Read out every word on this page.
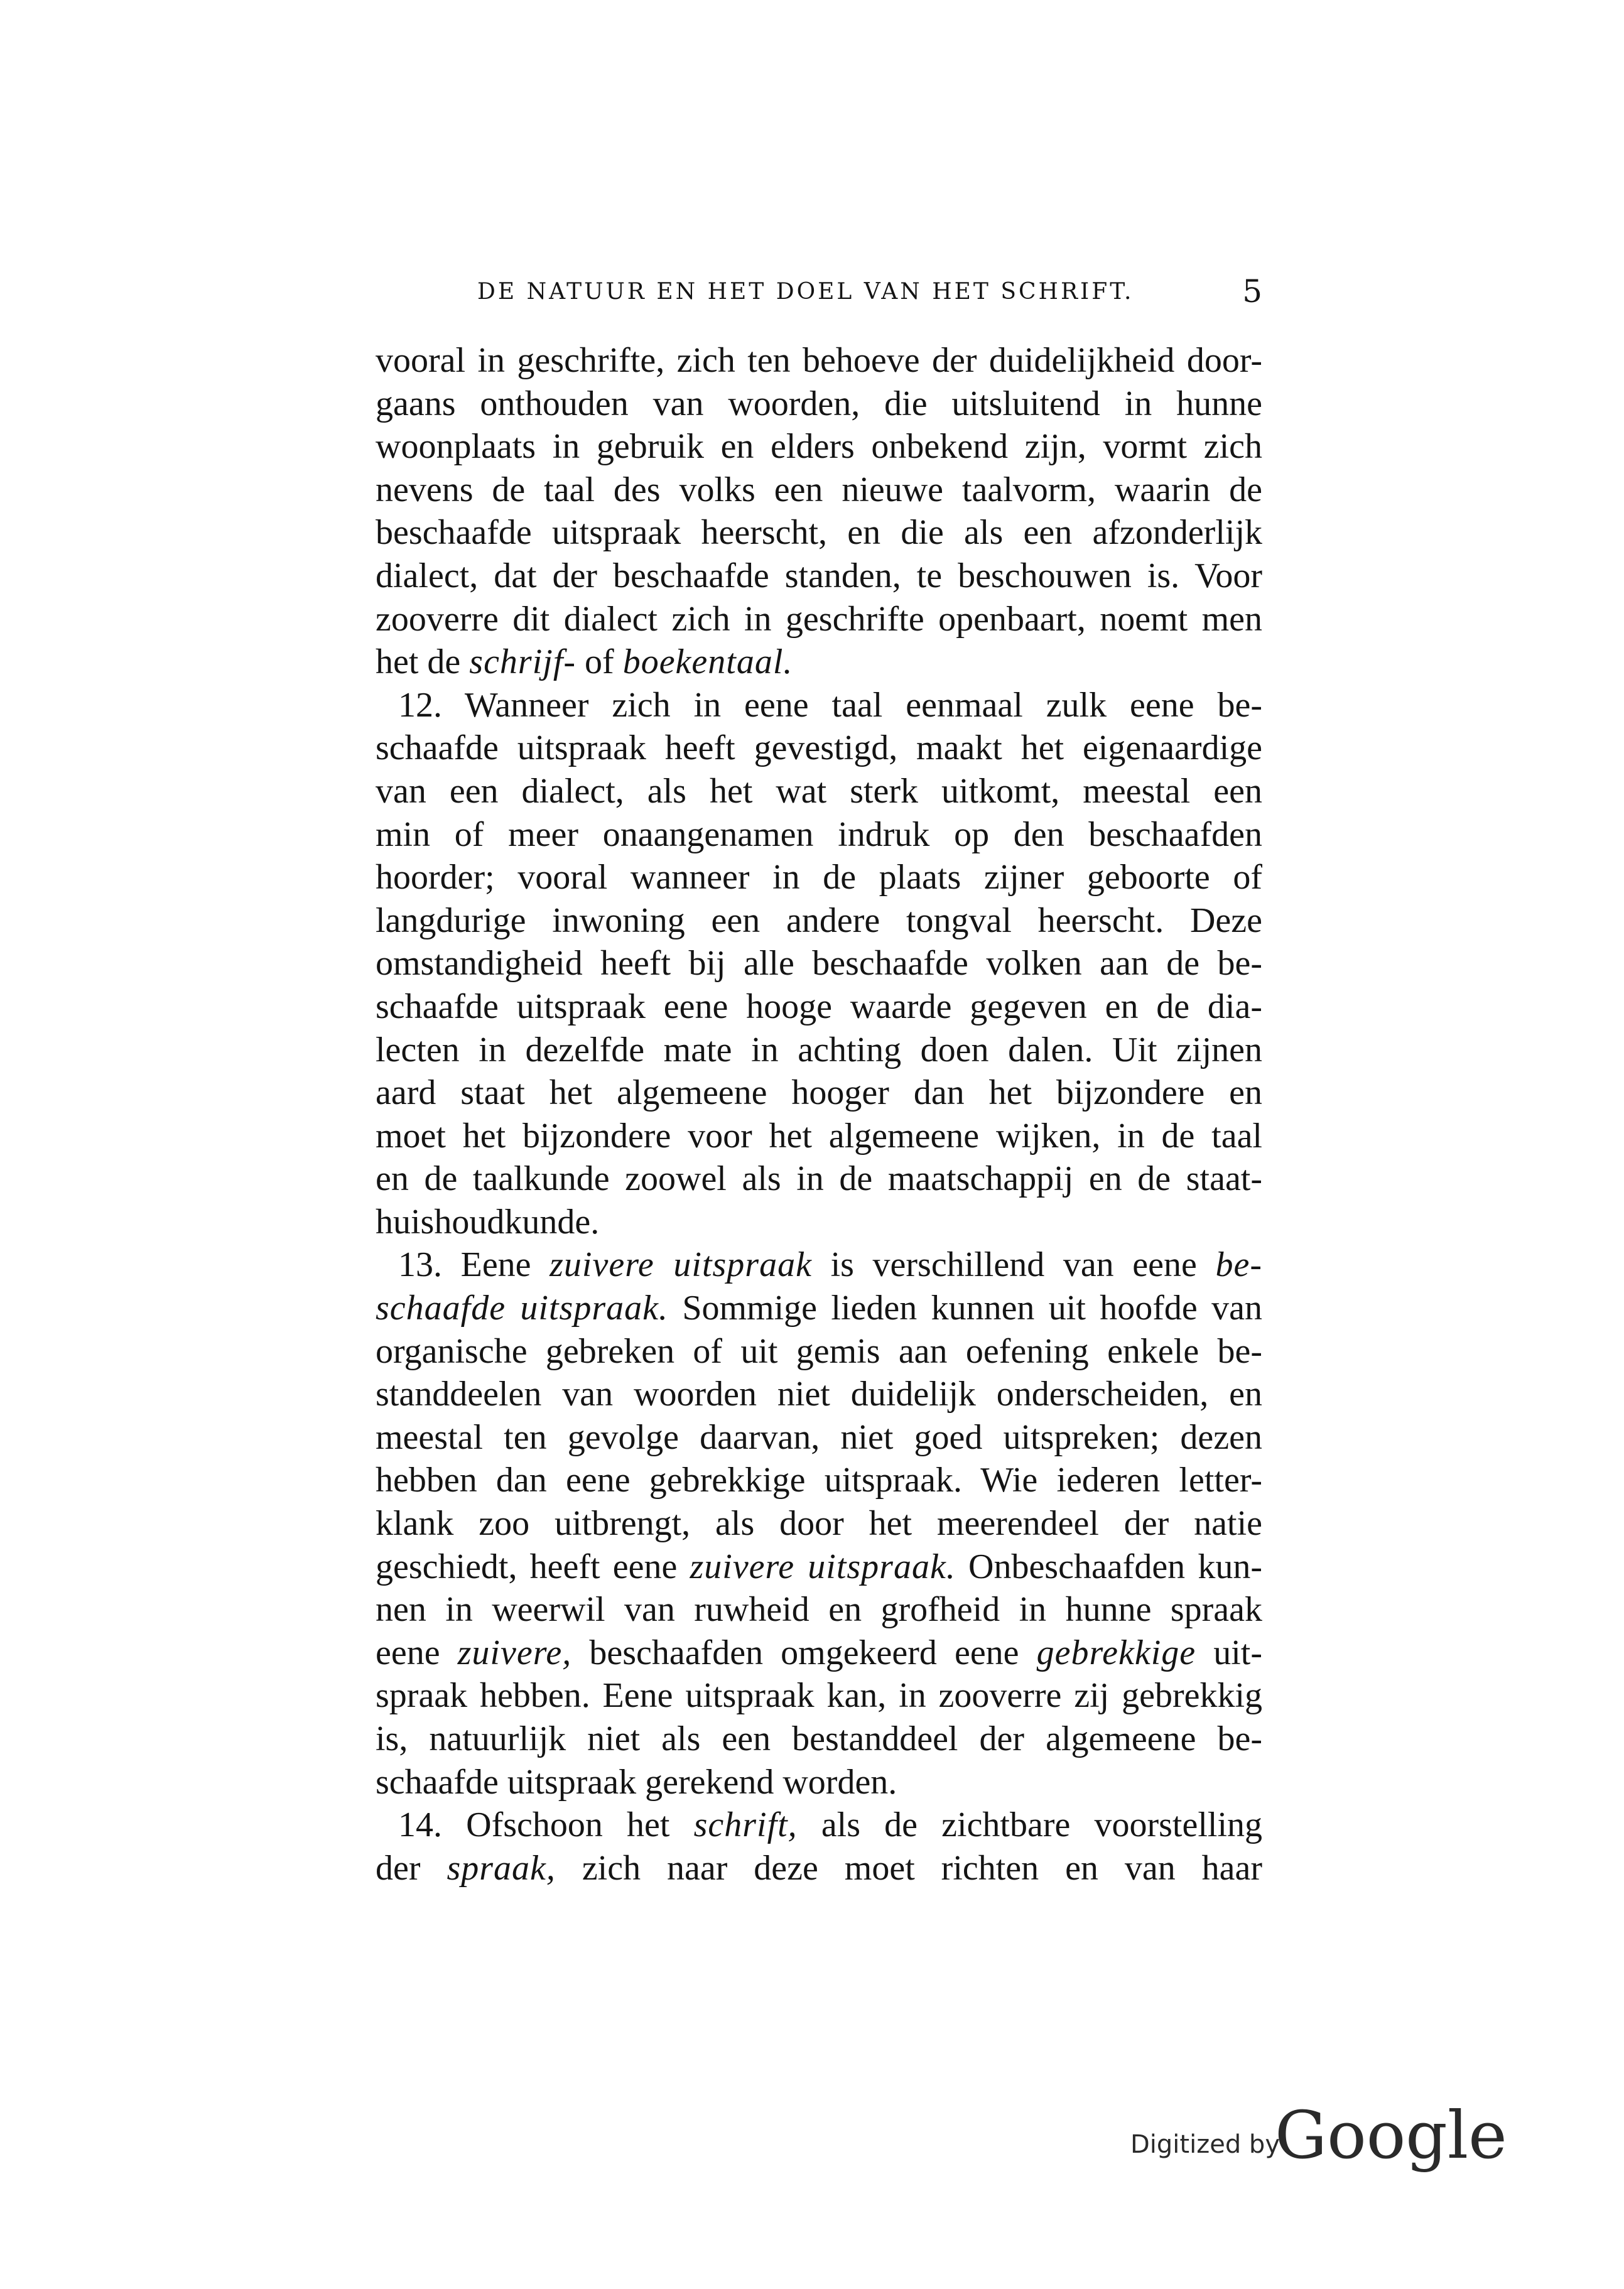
DE NATUUR EN HET DOEL VAN HET SCHRIFT.	5
vooral in geschrifte, zich ten behoeve der duidelijkheid door-
gaans onthouden van woorden, die uitsluitend in hunne
woonplaats in gebruik en elders onbekend zijn, vormt zich
nevens de taal des volks een nieuwe taalvorm, waarin de
beschaafde uitspraak heerscht, en die als een afzonderlijk
dialect, dat der beschaafde standen, te beschouwen is. Voor
zooverre dit dialect zich in geschrifte openbaart, noemt men
het de schrijf- of boekentaal.
12. Wanneer zich in eene taal eenmaal zulk eene be-
schaafde uitspraak heeft gevestigd, maakt het eigenaardige
van een dialect, als het wat sterk uitkomt, meestal een
min of meer onaangenamen indruk op den beschaafden
hoorder; vooral wanneer in de plaats zijner geboorte of
langdurige inwoning een andere tongval heerscht. Deze
omstandigheid heeft bij alle beschaafde volken aan de be-
schaafde uitspraak eene hooge waarde gegeven en de dia-
lecten in dezelfde mate in achting doen dalen. Uit zijnen
aard staat het algemeene hooger dan het bijzondere en
moet het bijzondere voor het algemeene wijken, in de taal
en de taalkunde zoowel als in de maatschappij en de staat-
huishoudkunde.
13. Eene zuivere uitspraak is verschillend van eene be-
schaafde uitspraak. Sommige lieden kunnen uit hoofde van
organische gebreken of uit gemis aan oefening enkele be-
standdeelen van woorden niet duidelijk onderscheiden, en
meestal ten gevolge daarvan, niet goed uitspreken; dezen
hebben dan eene gebrekkige uitspraak. Wie iederen letter-
klank zoo uitbrengt, als door het meerendeel der natie
geschiedt, heeft eene zuivere uitspraak. Onbeschaafden kun-
nen in weerwil van ruwheid en grofheid in hunne spraak
eene zuivere, beschaafden omgekeerd eene gebrekkige uit-
spraak hebben. Eene uitspraak kan, in zooverre zij gebrekkig
is, natuurlijk niet als een bestanddeel der algemeene be-
schaafde uitspraak gerekend worden.
14. Ofschoon het schrift, als de zichtbare voorstelling
der spraak, zich naar deze moet richten en van haar
Digitized by
Google
